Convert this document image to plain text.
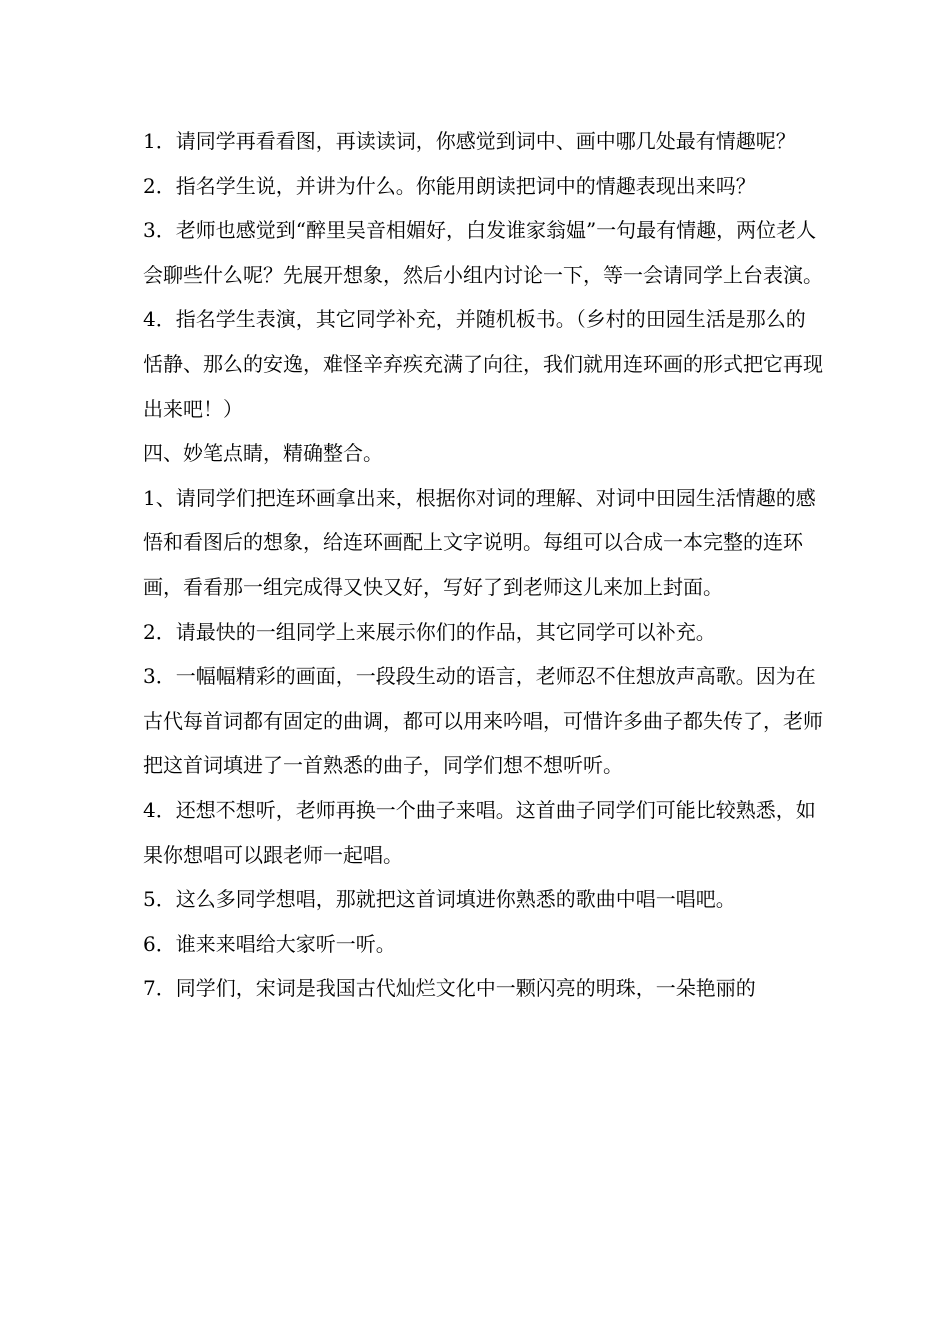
1．请同学再看看图，再读读词，你感觉到词中、画中哪几处最有情趣呢？

2．指名学生说，并讲为什么。你能用朗读把词中的情趣表现出来吗？

3．老师也感觉到“醉里吴音相媚好，白发谁家翁媪”一句最有情趣，两位老人会聊些什么呢？先展开想象，然后小组内讨论一下，等一会请同学上台表演。

4．指名学生表演，其它同学补充，并随机板书。（乡村的田园生活是那么的恬静、那么的安逸，难怪辛弃疾充满了向往，我们就用连环画的形式把它再现出来吧！）

四、妙笔点睛，精确整合。

1、请同学们把连环画拿出来，根据你对词的理解、对词中田园生活情趣的感悟和看图后的想象，给连环画配上文字说明。每组可以合成一本完整的连环画，看看那一组完成得又快又好，写好了到老师这儿来加上封面。

2．请最快的一组同学上来展示你们的作品，其它同学可以补充。

3．一幅幅精彩的画面，一段段生动的语言，老师忍不住想放声高歌。因为在古代每首词都有固定的曲调，都可以用来吟唱，可惜许多曲子都失传了，老师把这首词填进了一首熟悉的曲子，同学们想不想听听。

4．还想不想听，老师再换一个曲子来唱。这首曲子同学们可能比较熟悉，如果你想唱可以跟老师一起唱。

5．这么多同学想唱，那就把这首词填进你熟悉的歌曲中唱一唱吧。

6．谁来来唱给大家听一听。

7．同学们，宋词是我国古代灿烂文化中一颗闪亮的明珠，一朵艳丽的
